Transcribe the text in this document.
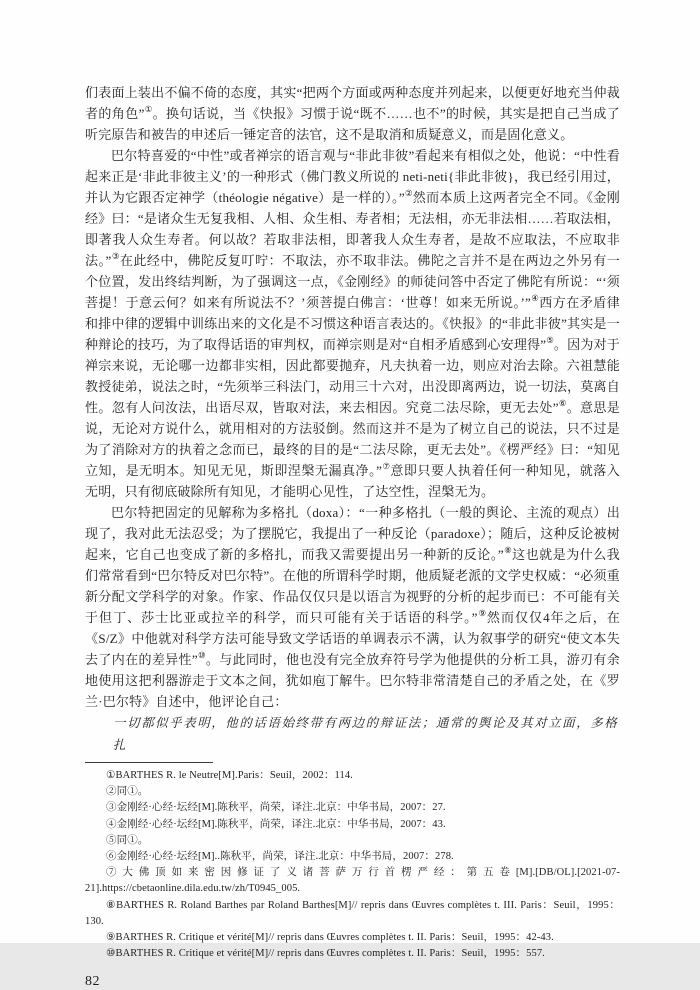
们表面上装出不偏不倚的态度，其实“把两个方面或两种态度并列起来，以便更好地充当仲裁者的角色”①。换句话说，当《快报》习惯于说“既不……也不”的时候，其实是把自己当成了听完原告和被告的申述后一锤定音的法官，这不是取消和质疑意义，而是固化意义。

巴尔特喜爱的“中性”或者禅宗的语言观与“非此非彼”看起来有相似之处，他说：“中性看起来正是‘非此非彼主义’的一种形式（佛门教义所说的 neti-neti{非此非彼}，我已经引用过，并认为它跟否定神学（théologie négative）是一样的）。”②然而本质上这两者完全不同。《金刚经》曰：“是诸众生无复我相、人相、众生相、寿者相；无法相，亦无非法相……若取法相，即著我人众生寿者。何以故？若取非法相，即著我人众生寿者，是故不应取法，不应取非法。”③在此经中，佛陀反复叮咛：不取法，亦不取非法。佛陀之言并不是在两边之外另有一个位置，发出终结判断，为了强调这一点，《金刚经》的师徒问答中否定了佛陀有所说：“‘须菩提！于意云何？如来有所说法不？’须菩提白佛言：‘世尊！如来无所说。’”④西方在矛盾律和排中律的逻辑中训练出来的文化是不习惯这种语言表达的。《快报》的“非此非彼”其实是一种辩论的技巧，为了取得话语的审判权，而禅宗则是对“自相矛盾感到心安理得”⑤。因为对于禅宗来说，无论哪一边都非实相，因此都要抛弃，凡夫执着一边，则应对治去除。六祖慧能教授徒弟，说法之时，“先须举三科法门，动用三十六对，出没即离两边，说一切法，莫离自性。忽有人问汝法，出语尽双，皆取对法，来去相因。究竟二法尽除，更无去处”⑥。意思是说，无论对方说什么，就用相对的方法驳倒。然而这并不是为了树立自己的说法，只不过是为了消除对方的执着之念而已，最终的目的是“二法尽除，更无去处”。《楞严经》曰：“知见立知，是无明本。知见无见，斯即涅槃无漏真净。”⑦意即只要人执着任何一种知见，就落入无明，只有彻底破除所有知见，才能明心见性，了达空性，涅槃无为。

巴尔特把固定的见解称为多格扎（doxa）：“一种多格扎（一般的舆论、主流的观点）出现了，我对此无法忍受；为了摆脱它，我提出了一种反论（paradoxe）；随后，这种反论被树起来，它自己也变成了新的多格扎，而我又需要提出另一种新的反论。”⑧这也就是为什么我们常常看到“巴尔特反对巴尔特”。在他的所谓科学时期，他质疑老派的文学史权威：“必须重新分配文学科学的对象。作家、作品仅仅只是以语言为视野的分析的起步而已：不可能有关于但丁、莎士比亚或拉辛的科学，而只可能有关于话语的科学。”⑨然而仅仅4年之后，在《S/Z》中他就对科学方法可能导致文学话语的单调表示不满，认为叙事学的研究“使文本失去了内在的差异性”⑩。与此同时，他也没有完全放弃符号学为他提供的分析工具，游刃有余地使用这把利器游走于文本之间，犹如庖丁解牛。巴尔特非常清楚自己的矛盾之处，在《罗兰·巴尔特》自述中，他评论自己：

一切都似乎表明，他的话语始终带有两边的辩证法；通常的舆论及其对立面，多格扎

①BARTHES R. le Neutre[M].Paris：Seuil，2002：114.

②同①。

③金刚经·心经·坛经[M].陈秋平，尚荣，译注.北京：中华书局，2007：27.

④金刚经·心经·坛经[M].陈秋平，尚荣，译注.北京：中华书局，2007：43.

⑤同①。

⑥金刚经·心经·坛经[M]..陈秋平，尚荣，译注.北京：中华书局，2007：278.

⑦大佛顶如来密因修证了义诸菩萨万行首楞严经：第五卷[M].[DB/OL].[2021-07-21].https://cbetaonline.dila.edu.tw/zh/T0945_005.

⑧BARTHES R. Roland Barthes par Roland Barthes[M]// repris dans Œuvres complètes t. III. Paris：Seuil，1995：130.

⑨BARTHES R. Critique et vérité[M]// repris dans Œuvres complètes t. II. Paris：Seuil，1995：42-43.

⑩BARTHES R. Critique et vérité[M]// repris dans Œuvres complètes t. II. Paris：Seuil，1995：557.

82
